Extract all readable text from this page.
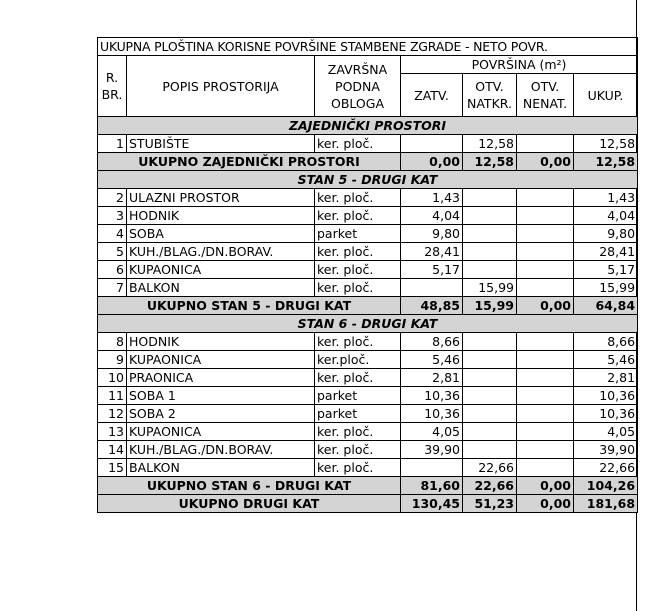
UKUPNA PLOŠTINA KORISNE POVRŠINE STAMBENE ZGRADE - NETO POVR.						
R. BR.	POPIS PROSTORIJA	ZAVRŠNA PODNA OBLOGA	POVRŠINA (m²)			
			ZATV.	OTV. NATKR.	OTV. NENAT.	UKUP.
ZAJEDNIČKI PROSTORI						
1	STUBIŠTE	ker. ploč.		12,58		12,58
UKUPNO ZAJEDNIČKI PROSTORI			0,00	12,58	0,00	12,58
STAN 5 - DRUGI KAT						
2	ULAZNI PROSTOR	ker. ploč.	1,43			1,43
3	HODNIK	ker. ploč.	4,04			4,04
4	SOBA	parket	9,80			9,80
5	KUH./BLAG./DN.BORAV.	ker. ploč.	28,41			28,41
6	KUPAONICA	ker. ploč.	5,17			5,17
7	BALKON	ker. ploč.		15,99		15,99
UKUPNO STAN 5 - DRUGI KAT			48,85	15,99	0,00	64,84
STAN 6 - DRUGI KAT						
8	HODNIK	ker. ploč.	8,66			8,66
9	KUPAONICA	ker.ploč.	5,46			5,46
10	PRAONICA	ker. ploč.	2,81			2,81
11	SOBA 1	parket	10,36			10,36
12	SOBA 2	parket	10,36			10,36
13	KUPAONICA	ker. ploč.	4,05			4,05
14	KUH./BLAG./DN.BORAV.	ker. ploč.	39,90			39,90
15	BALKON	ker. ploč.		22,66		22,66
UKUPNO STAN 6 - DRUGI KAT			81,60	22,66	0,00	104,26
UKUPNO DRUGI KAT			130,45	51,23	0,00	181,68
